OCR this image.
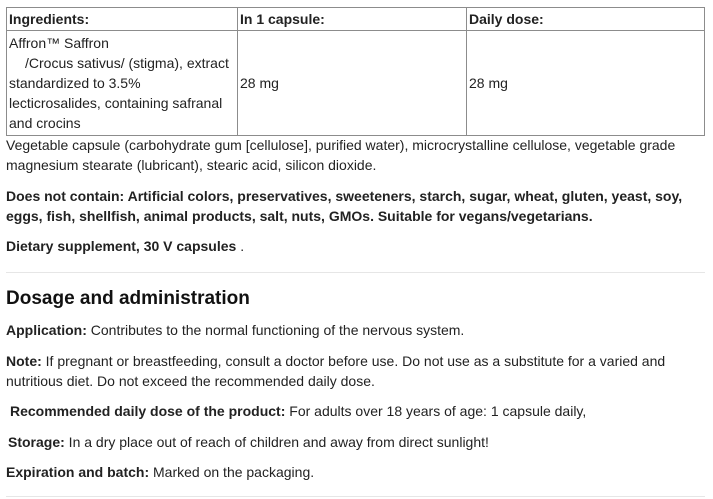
Ingredients:	In 1 capsule:	Daily dose:

Affron™ Saffron
/Crocus sativus/ (stigma), extract standardized to 3.5% lecticrosalides, containing safranal and crocins	28 mg	28 mg

Vegetable capsule (carbohydrate gum [cellulose], purified water), microcrystalline cellulose, vegetable grade magnesium stearate (lubricant), stearic acid, silicon dioxide.

Does not contain: Artificial colors, preservatives, sweeteners, starch, sugar, wheat, gluten, yeast, soy, eggs, fish, shellfish, animal products, salt, nuts, GMOs. Suitable for vegans/vegetarians.

Dietary supplement, 30 V capsules .

Dosage and administration

Application: Contributes to the normal functioning of the nervous system.

Note: If pregnant or breastfeeding, consult a doctor before use. Do not use as a substitute for a varied and nutritious diet. Do not exceed the recommended daily dose.

Recommended daily dose of the product: For adults over 18 years of age: 1 capsule daily,

Storage: In a dry place out of reach of children and away from direct sunlight!

Expiration and batch: Marked on the packaging.
